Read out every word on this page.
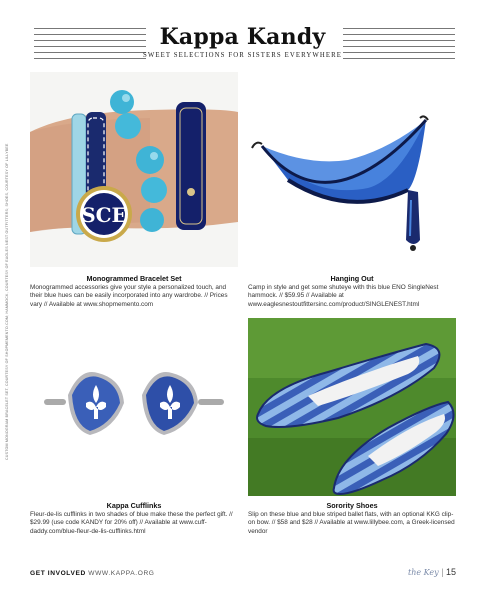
Kappa Kandy
SWEET SELECTIONS FOR SISTERS EVERYWHERE
SCE
Monogrammed Bracelet Set
Monogrammed accessories give your style a personalized touch, and their blue hues can be easily incorporated into any wardrobe. // Prices vary // Available at www.shopmemento.com
Hanging Out
Camp in style and get some shuteye with this blue ENO SingleNest hammock. // $59.95 // Available at www.eaglesnestoutfittersinc.com/product/SINGLENEST.html
Kappa Cufflinks
Fleur-de-lis cufflinks in two shades of blue make these the perfect gift. // $29.99 (use code KANDY for 20% off) // Available at www.cuff-daddy.com/blue-fleur-de-lis-cufflinks.html
Sorority Shoes
Slip on these blue and blue striped ballet flats, with an optional KKG clip-on bow. // $58 and $28 // Available at www.lillybee.com, a Greek-licensed vendor
CUSTOM MONOGRAM BRACELET SET, COURTESY OF SHOPMEMENTO.COM; HAMMOCK, COURTESY OF EAGLES NEST OUTFITTERS; SHOES, COURTESY OF LILLYBEE
GET INVOLVED WWW.KAPPA.ORG	the Key | 15
